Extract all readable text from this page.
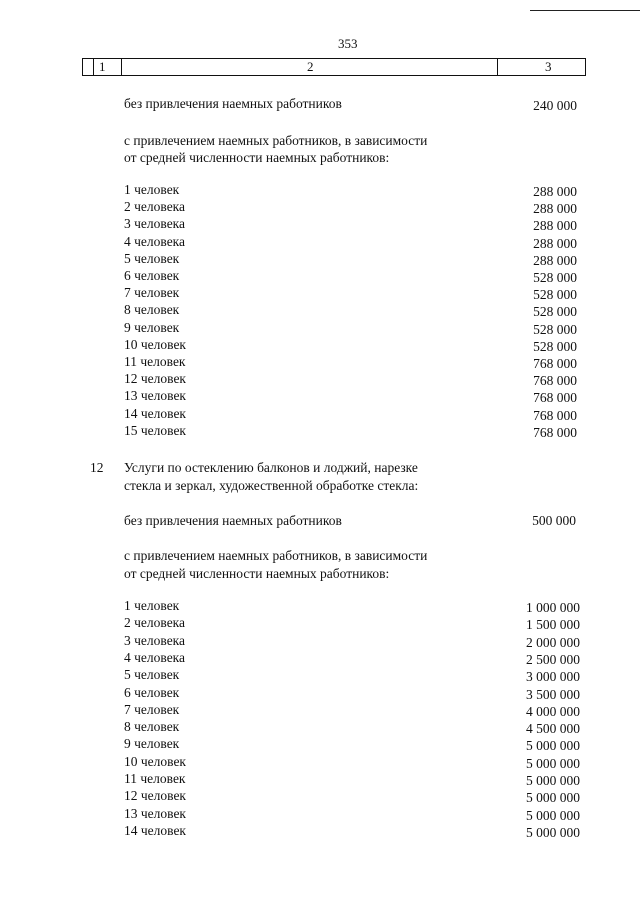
353
1	2	3
без привлечения наемных работников	240 000
с привлечением наемных работников, в зависимости
от средней численности наемных работников:
1 человек	288 000
2 человека	288 000
3 человека	288 000
4 человека	288 000
5 человек	288 000
6 человек	528 000
7 человек	528 000
8 человек	528 000
9 человек	528 000
10 человек	528 000
11 человек	768 000
12 человек	768 000
13 человек	768 000
14 человек	768 000
15 человек	768 000
12 Услуги по остеклению балконов и лоджий, нарезке
стекла и зеркал, художественной обработке стекла:
без привлечения наемных работников	500 000
с привлечением наемных работников, в зависимости
от средней численности наемных работников:
1 человек	1 000 000
2 человека	1 500 000
3 человека	2 000 000
4 человека	2 500 000
5 человек	3 000 000
6 человек	3 500 000
7 человек	4 000 000
8 человек	4 500 000
9 человек	5 000 000
10 человек	5 000 000
11 человек	5 000 000
12 человек	5 000 000
13 человек	5 000 000
14 человек	5 000 000
